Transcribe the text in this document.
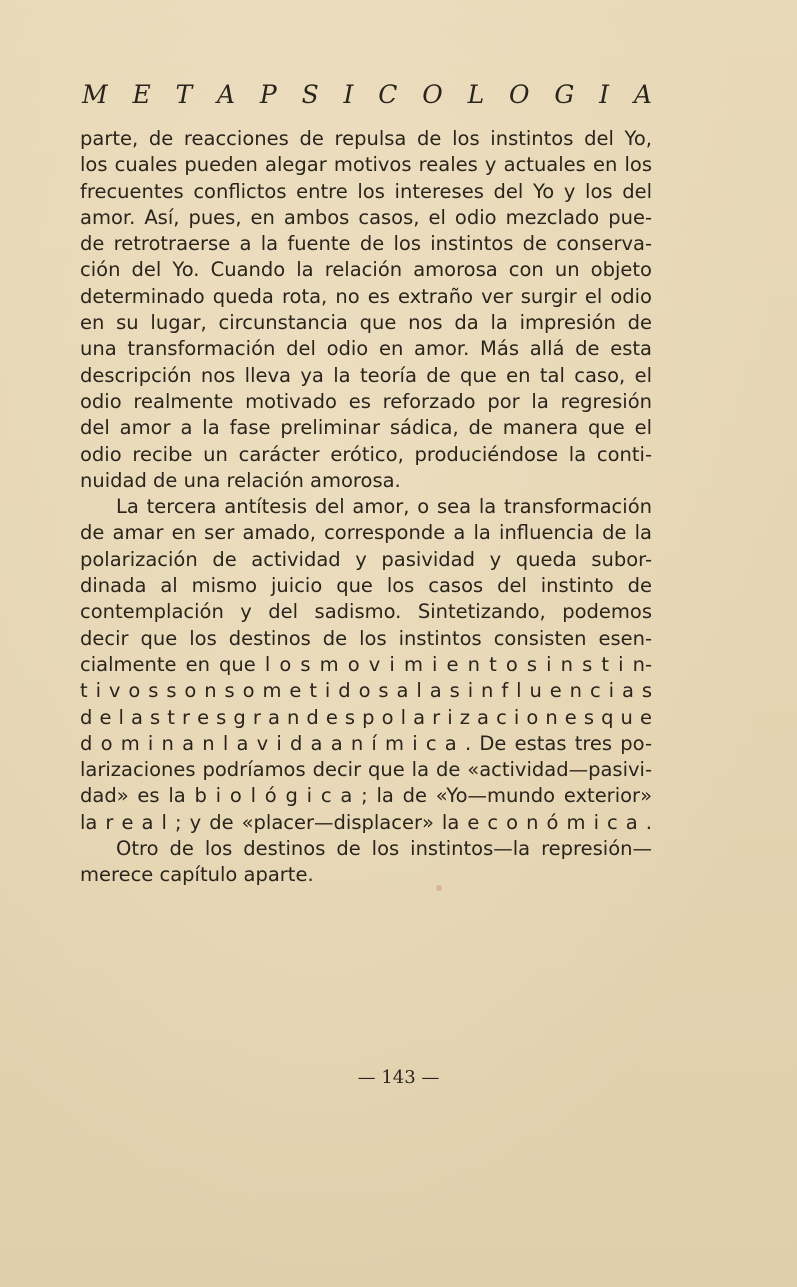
M E T A P S I C O L O G I A
parte, de reacciones de repulsa de los instintos del Yo,
los cuales pueden alegar motivos reales y actuales en los
frecuentes conflictos entre los intereses del Yo y los del
amor. Así, pues, en ambos casos, el odio mezclado pue-
de retrotraerse a la fuente de los instintos de conserva-
ción del Yo. Cuando la relación amorosa con un objeto
determinado queda rota, no es extraño ver surgir el odio
en su lugar, circunstancia que nos da la impresión de
una transformación del odio en amor. Más allá de esta
descripción nos lleva ya la teoría de que en tal caso, el
odio realmente motivado es reforzado por la regresión
del amor a la fase preliminar sádica, de manera que el
odio recibe un carácter erótico, produciéndose la conti-
nuidad de una relación amorosa.
La tercera antítesis del amor, o sea la transformación
de amar en ser amado, corresponde a la influencia de la
polarización de actividad y pasividad y queda subor-
dinada al mismo juicio que los casos del instinto de
contemplación y del sadismo. Sintetizando, podemos
decir que los destinos de los instintos consisten esen-
cialmente en que l o s m o v i m i e n t o s i n s t i n-
t i v o s s o n s o m e t i d o s a l a s i n f l u e n c i a s
d e l a s t r e s g r a n d e s p o l a r i z a c i o n e s q u e
d o m i n a n l a v i d a a n í m i c a . De estas tres po-
larizaciones podríamos decir que la de «actividad—pasivi-
dad» es la b i o l ó g i c a ; la de «Yo—mundo exterior»
la r e a l ; y de «placer—displacer» la e c o n ó m i c a .
Otro de los destinos de los instintos—la represión—
merece capítulo aparte.
— 143 —
